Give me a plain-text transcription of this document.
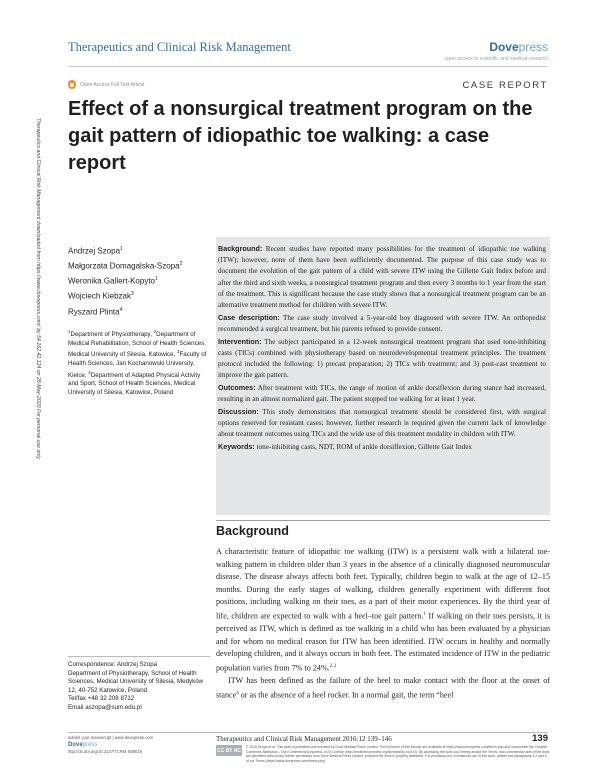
Therapeutics and Clinical Risk Management	Dovepress
open access to scientific and medical research
Open Access Full Text Article	CASE REPORT
Effect of a nonsurgical treatment program on the gait pattern of idiopathic toe walking: a case report
Therapeutics and Clinical Risk Management downloaded from https://www.dovepress.com/ by 54.162.42.124 on 28-May-2020 For personal use only.	Andrzej Szopa$^1$
Małgorzata Domagalska-Szopa$^2$
Weronika Gallert-Kopyto$^1$
Wojciech Kiebzak$^3$
Ryszard Plinta$^4$

$^1$Department of Physiotherapy, $^2$Department of Medical Rehabilitation, School of Health Sciences, Medical University of Silesia, Katowice, $^3$Faculty of Health Sciences, Jan Kochanowski University, Kielce, $^4$Department of Adapted Physical Activity and Sport, School of Health Sciences, Medical University of Silesia, Katowice, Poland

Background: Recent studies have reported many possibilities for the treatment of idiopathic toe walking (ITW); however, none of them have been sufficiently documented. The purpose of this case study was to document the evolution of the gait pattern of a child with severe ITW using the Gillette Gait Index before and after the third and sixth weeks, a nonsurgical treatment program and then every 3 months to 1 year from the start of the treatment. This is significant because the case study shows that a nonsurgical treatment program can be an alternative treatment method for children with severe ITW.

Case description: The case study involved a 5-year-old boy diagnosed with severe ITW. An orthopedist recommended a surgical treatment, but his parents refused to provide consent.

Intervention: The subject participated in a 12-week nonsurgical treatment program that used tone-inhibiting casts (TICs) combined with physiotherapy based on neurodevelopmental treatment principles. The treatment protocol included the following: 1) precast preparation; 2) TICs with treatment; and 3) post-cast treatment to improve the gait pattern.

Outcomes: After treatment with TICs, the range of motion of ankle dorsiflexion during stance had increased, resulting in an almost normalized gait. The patient stopped toe walking for at least 1 year.

Discussion: This study demonstrates that nonsurgical treatment should be considered first, with surgical options reserved for resistant cases; however, further research is required given the current lack of knowledge about treatment outcomes using TICs and the wide use of this treatment modality in children with ITW.

Keywords: tone-inhibiting casts, NDT, ROM of ankle dorsiflexion, Gillette Gait Index

Correspondence: Andrzej Szopa
Department of Physiotherapy, School of Health Sciences, Medical University of Silesia, Medyków 12, 40-752 Katowice, Poland
Tel/fax +48 32 208 8712
Email aszopa@sum.edu.pl
Background

A characteristic feature of idiopathic toe walking (ITW) is a persistent walk with a bilateral toe-walking pattern in children older than 3 years in the absence of a clinically diagnosed neuromuscular disease. The disease always affects both feet. Typically, children begin to walk at the age of 12–15 months. During the early stages of walking, children generally experiment with different foot positions, including walking on their toes, as a part of their motor experiences. By the third year of life, children are expected to walk with a heel–toe gait pattern.$^1$ If walking on their toes persists, it is perceived as ITW, which is defined as toe walking in a child who has been evaluated by a physician and for whom no medical reason for ITW has been identified. ITW occurs in healthy and normally developing children, and it always occurs in both feet. The estimated incidence of ITW in the pediatric population varies from 7% to 24%.$^{2,3}$

ITW has been defined as the failure of the heel to make contact with the floor at the onset of stance$^4$ or as the absence of a heel rocker. In a normal gait, the term “heel

submit your manuscript | www.dovepress.com
Dovepress
http://dx.doi.org/10.2147/TCRM.S89016
Therapeutics and Clinical Risk Management 2016:12 139–146	139
CC BY NC
© 2016 Szopa et al. This work is published and licensed by Dove Medical Press Limited. The full terms of this license are available at https://www.dovepress.com/terms.php and incorporate the Creative Commons Attribution – Non Commercial (unported, v3.0) License (http://creativecommons.org/licenses/by-nc/3.0/). By accessing the work you hereby accept the Terms. Non-commercial uses of the work are permitted without any further permission from Dove Medical Press Limited, provided the work is properly attributed. For permission for commercial use of this work, please see paragraphs 4.2 and 5 of our Terms (https://www.dovepress.com/terms.php).
